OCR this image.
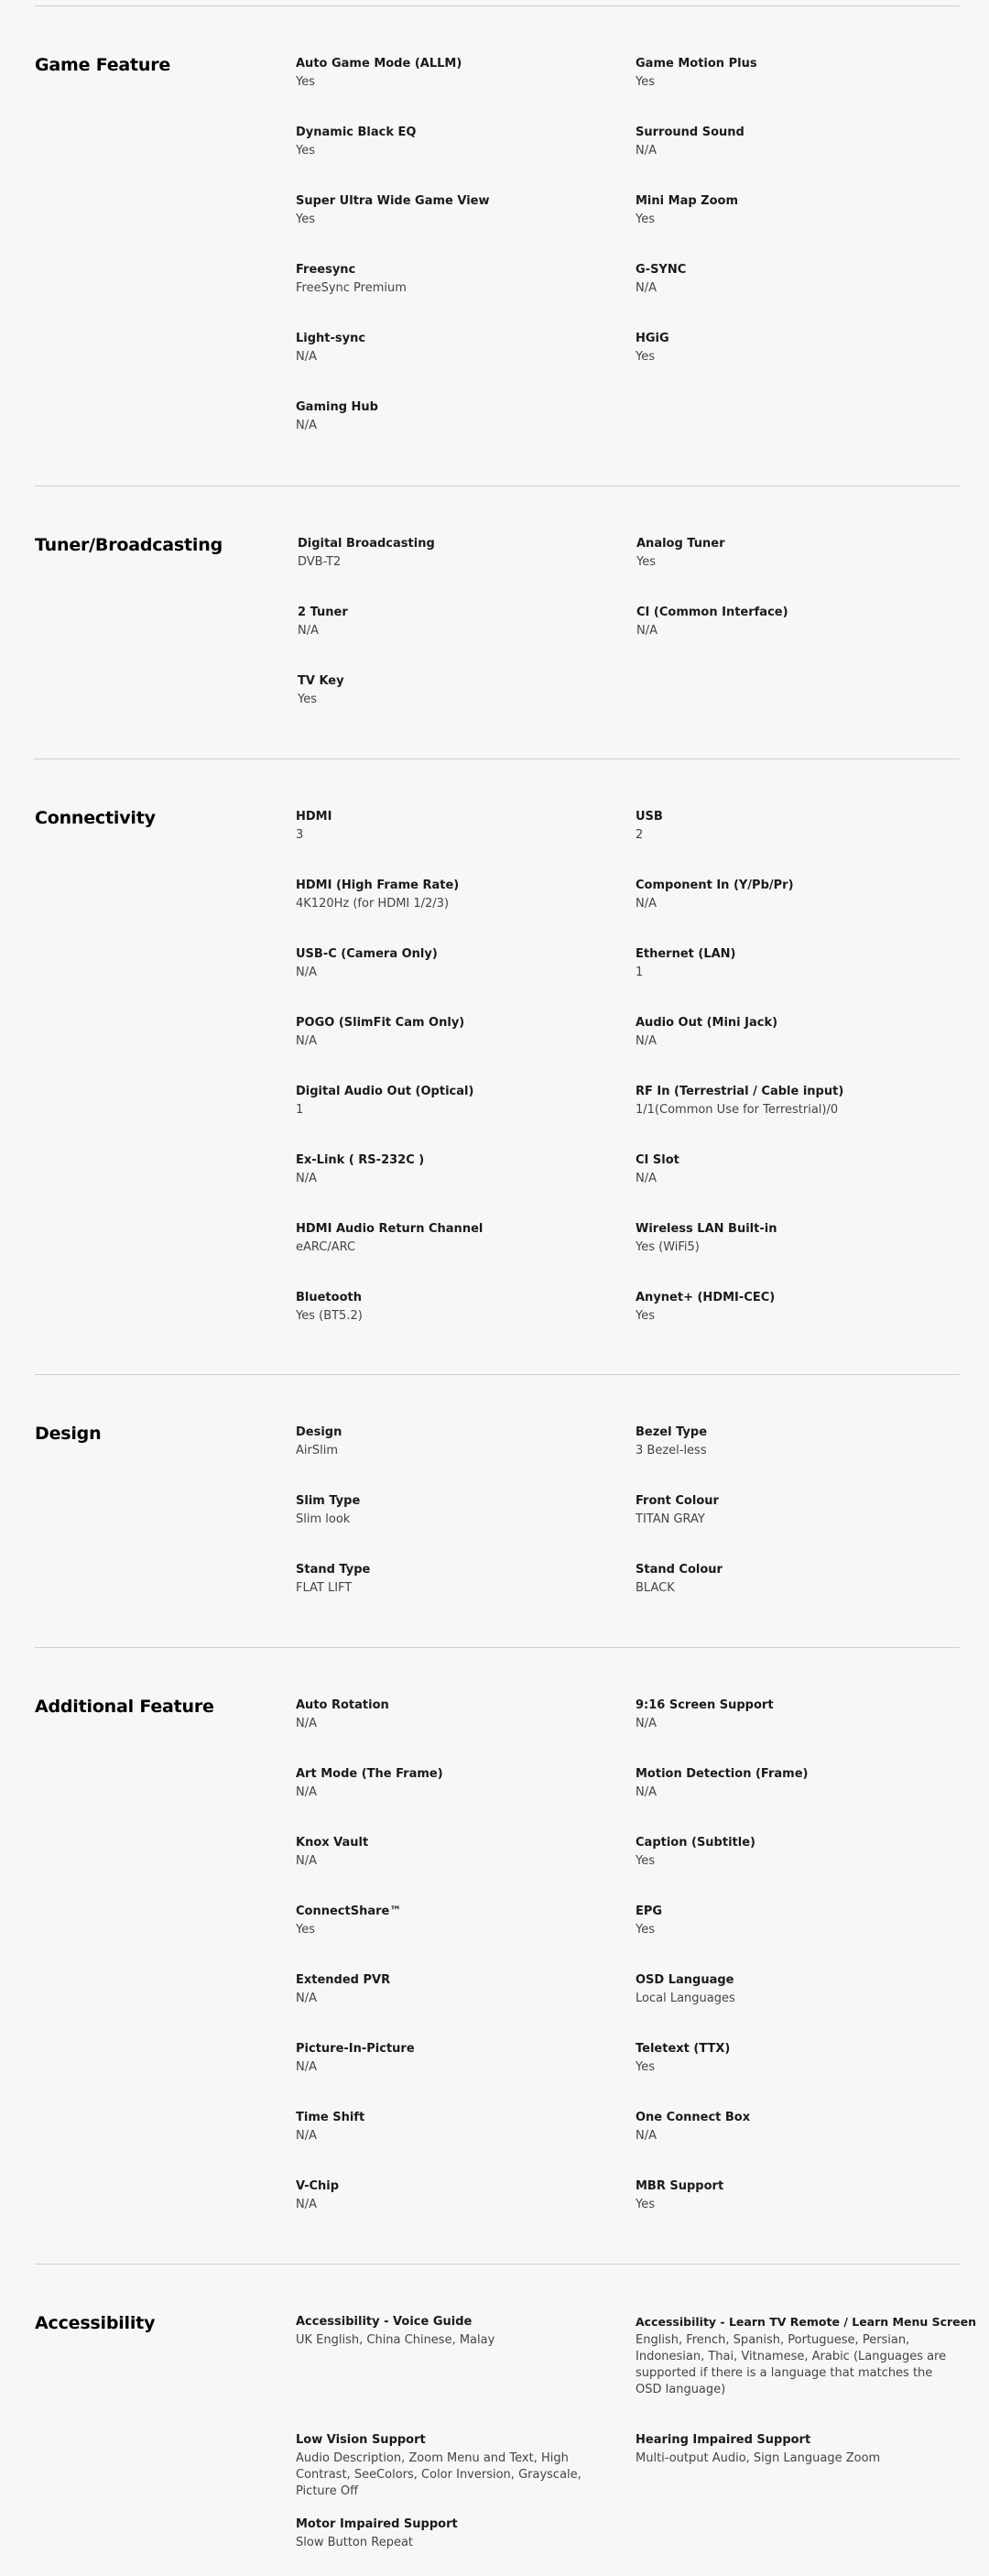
Game Feature	Auto Game Mode (ALLM)
Yes
Game Motion Plus
Yes
Dynamic Black EQ
Yes
Surround Sound
N/A
Super Ultra Wide Game View
Yes
Mini Map Zoom
Yes
Freesync
FreeSync Premium
G-SYNC
N/A
Light-sync
N/A
HGiG
Yes
Gaming Hub
N/A
Tuner/Broadcasting	Digital Broadcasting
DVB-T2
Analog Tuner
Yes
2 Tuner
N/A
CI (Common Interface)
N/A
TV Key
Yes
Connectivity	HDMI
3
USB
2
HDMI (High Frame Rate)
4K120Hz (for HDMI 1/2/3)
Component In (Y/Pb/Pr)
N/A
USB-C (Camera Only)
N/A
Ethernet (LAN)
1
POGO (SlimFit Cam Only)
N/A
Audio Out (Mini Jack)
N/A
Digital Audio Out (Optical)
1
RF In (Terrestrial / Cable input)
1/1(Common Use for Terrestrial)/0
Ex-Link ( RS-232C )
N/A
CI Slot
N/A
HDMI Audio Return Channel
eARC/ARC
Wireless LAN Built-in
Yes (WiFi5)
Bluetooth
Yes (BT5.2)
Anynet+ (HDMI-CEC)
Yes
Design	Design
AirSlim
Bezel Type
3 Bezel-less
Slim Type
Slim look
Front Colour
TITAN GRAY
Stand Type
FLAT LIFT
Stand Colour
BLACK
Additional Feature	Auto Rotation
N/A
9:16 Screen Support
N/A
Art Mode (The Frame)
N/A
Motion Detection (Frame)
N/A
Knox Vault
N/A
Caption (Subtitle)
Yes
ConnectShare™
Yes
EPG
Yes
Extended PVR
N/A
OSD Language
Local Languages
Picture-In-Picture
N/A
Teletext (TTX)
Yes
Time Shift
N/A
One Connect Box
N/A
V-Chip
N/A
MBR Support
Yes
Accessibility	Accessibility - Voice Guide
UK English, China Chinese, Malay
Accessibility - Learn TV Remote / Learn Menu Screen
English, French, Spanish, Portuguese, Persian, Indonesian, Thai, Vitnamese, Arabic (Languages are supported if there is a language that matches the OSD language)
Low Vision Support
Audio Description, Zoom Menu and Text, High Contrast, SeeColors, Color Inversion, Grayscale, Picture Off
Hearing Impaired Support
Multi-output Audio, Sign Language Zoom
Motor Impaired Support
Slow Button Repeat
